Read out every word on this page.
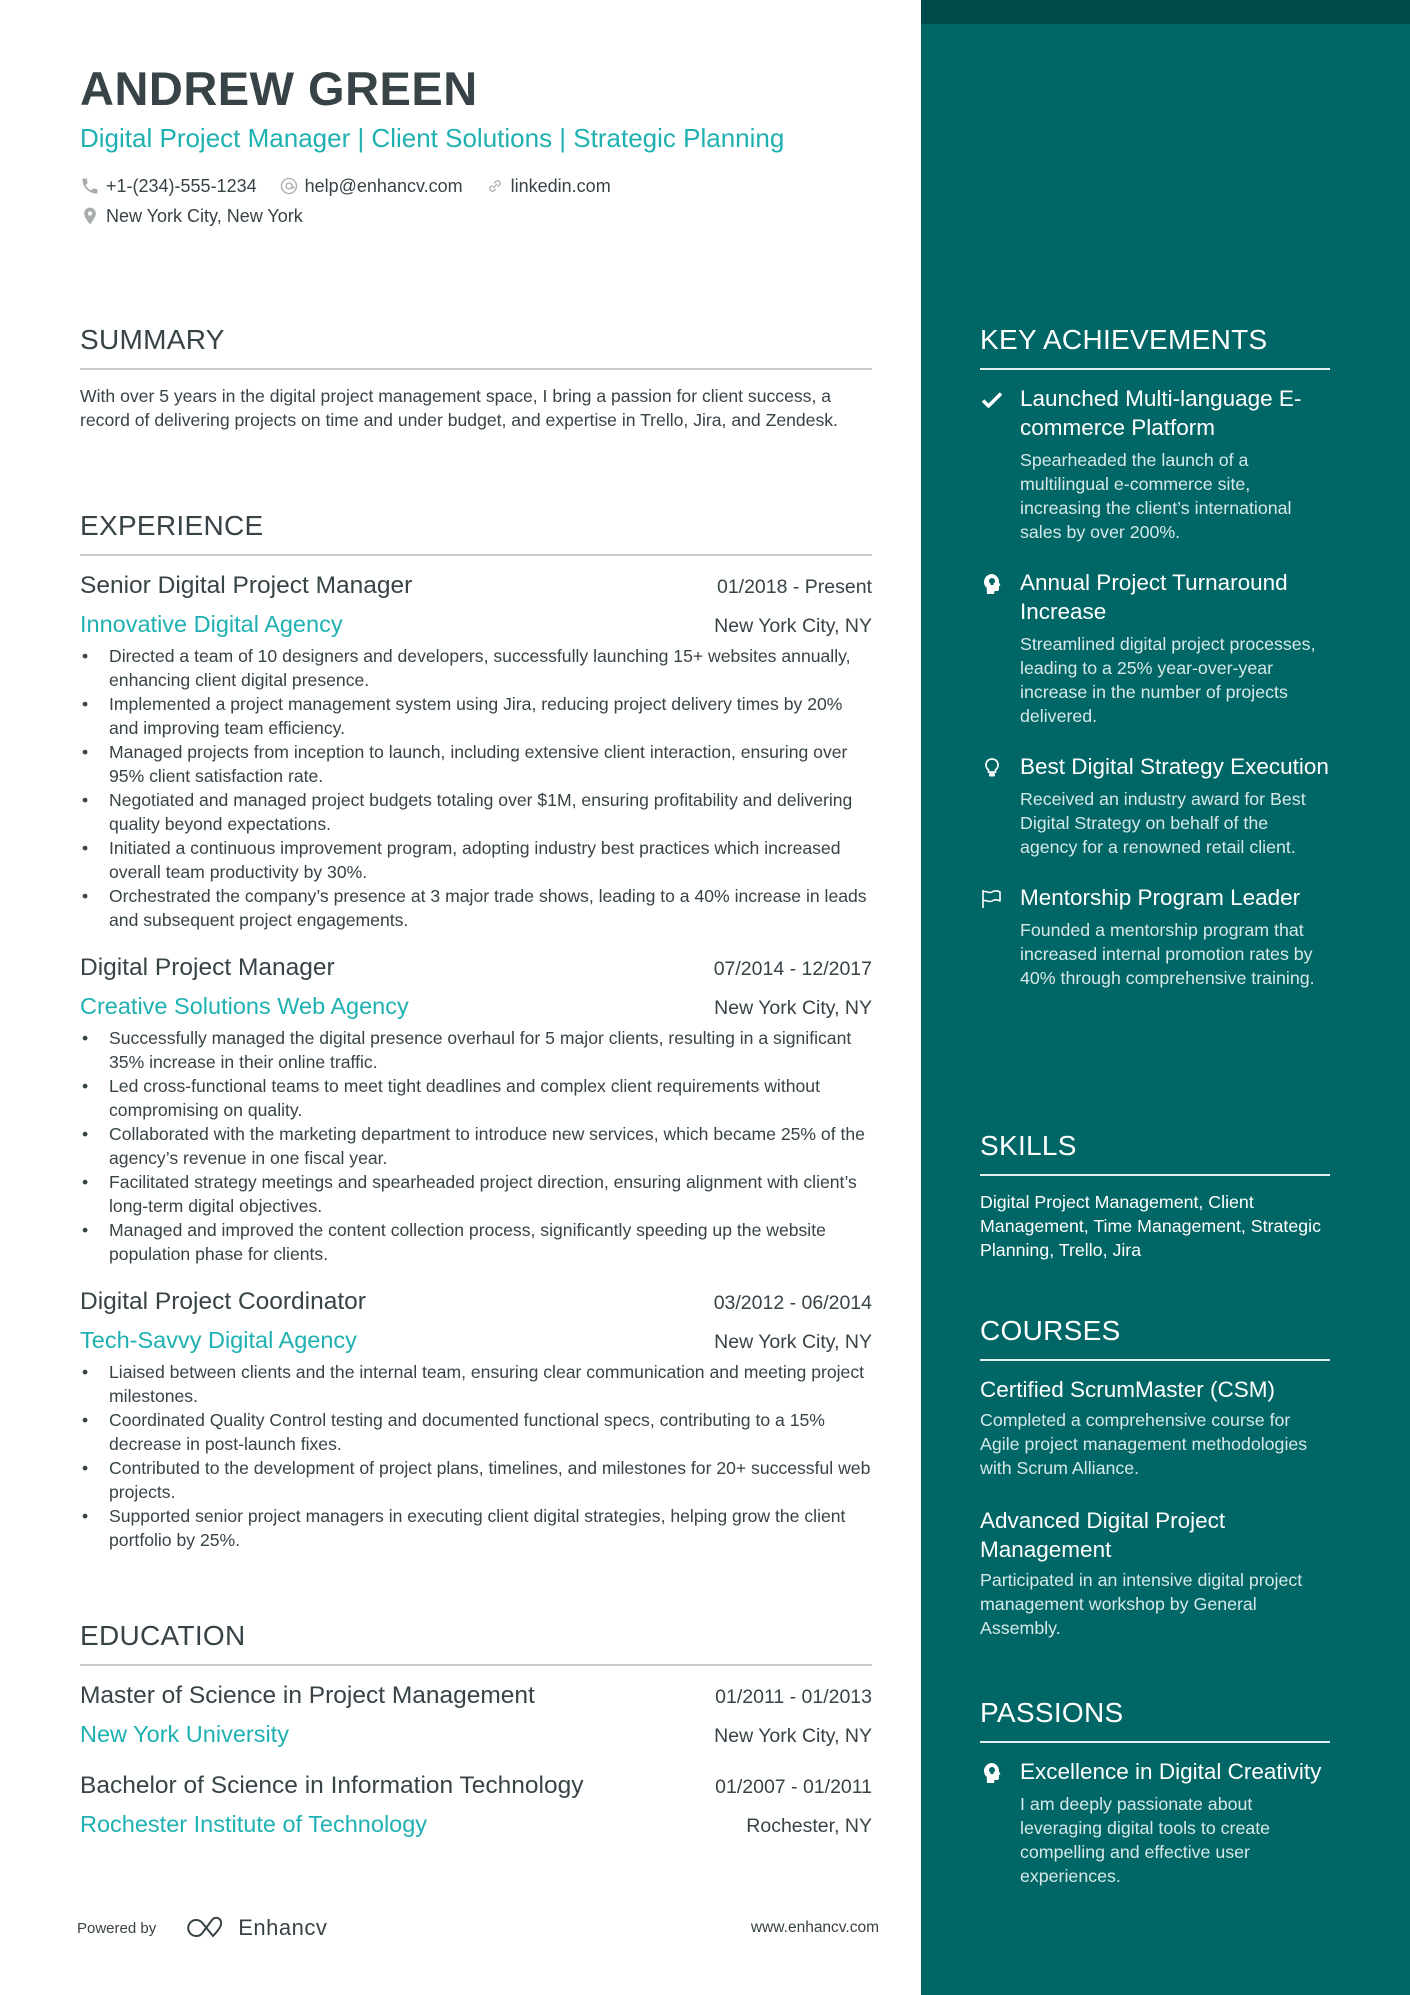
ANDREW GREEN
Digital Project Manager | Client Solutions | Strategic Planning
+1-(234)-555-1234	help@enhancv.com	linkedin.com
New York City, New York
SUMMARY

With over 5 years in the digital project management space, I bring a passion for client success, a record of delivering projects on time and under budget, and expertise in Trello, Jira, and Zendesk.

EXPERIENCE
Senior Digital Project Manager	01/2018 - Present
Innovative Digital Agency	New York City, NY
• Directed a team of 10 designers and developers, successfully launching 15+ websites annually, enhancing client digital presence.
• Implemented a project management system using Jira, reducing project delivery times by 20% and improving team efficiency.
• Managed projects from inception to launch, including extensive client interaction, ensuring over 95% client satisfaction rate.
• Negotiated and managed project budgets totaling over $1M, ensuring profitability and delivering quality beyond expectations.
• Initiated a continuous improvement program, adopting industry best practices which increased overall team productivity by 30%.
• Orchestrated the company’s presence at 3 major trade shows, leading to a 40% increase in leads and subsequent project engagements.
Digital Project Manager	07/2014 - 12/2017
Creative Solutions Web Agency	New York City, NY
• Successfully managed the digital presence overhaul for 5 major clients, resulting in a significant 35% increase in their online traffic.
• Led cross-functional teams to meet tight deadlines and complex client requirements without compromising on quality.
• Collaborated with the marketing department to introduce new services, which became 25% of the agency’s revenue in one fiscal year.
• Facilitated strategy meetings and spearheaded project direction, ensuring alignment with client’s long-term digital objectives.
• Managed and improved the content collection process, significantly speeding up the website population phase for clients.
Digital Project Coordinator	03/2012 - 06/2014
Tech-Savvy Digital Agency	New York City, NY
• Liaised between clients and the internal team, ensuring clear communication and meeting project milestones.
• Coordinated Quality Control testing and documented functional specs, contributing to a 15% decrease in post-launch fixes.
• Contributed to the development of project plans, timelines, and milestones for 20+ successful web projects.
• Supported senior project managers in executing client digital strategies, helping grow the client portfolio by 25%.
EDUCATION
Master of Science in Project Management	01/2011 - 01/2013
New York University	New York City, NY
Bachelor of Science in Information Technology	01/2007 - 01/2011
Rochester Institute of Technology	Rochester, NY
Powered by	Enhancv	www.enhancv.com
KEY ACHIEVEMENTS
Launched Multi-language E-commerce Platform
Spearheaded the launch of a multilingual e-commerce site, increasing the client’s international sales by over 200%.
Annual Project Turnaround Increase
Streamlined digital project processes, leading to a 25% year-over-year increase in the number of projects delivered.
Best Digital Strategy Execution
Received an industry award for Best Digital Strategy on behalf of the agency for a renowned retail client.
Mentorship Program Leader
Founded a mentorship program that increased internal promotion rates by 40% through comprehensive training.
SKILLS
Digital Project Management, Client Management, Time Management, Strategic Planning, Trello, Jira
COURSES
Certified ScrumMaster (CSM)
Completed a comprehensive course for Agile project management methodologies with Scrum Alliance.
Advanced Digital Project Management
Participated in an intensive digital project management workshop by General Assembly.
PASSIONS
Excellence in Digital Creativity
I am deeply passionate about leveraging digital tools to create compelling and effective user experiences.
